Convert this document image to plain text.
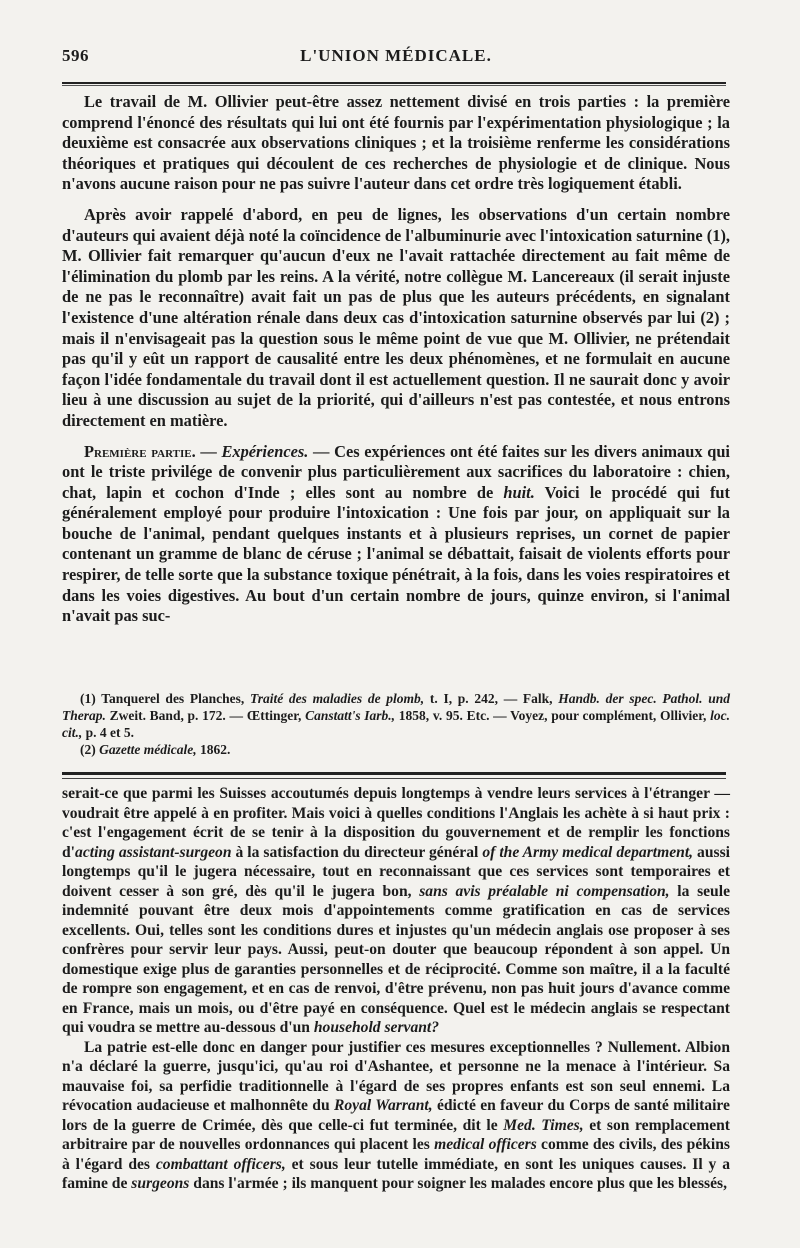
596	L'UNION MÉDICALE.

Le travail de M. Ollivier peut-être assez nettement divisé en trois parties : la première comprend l'énoncé des résultats qui lui ont été fournis par l'expérimentation physiologique ; la deuxième est consacrée aux observations cliniques ; et la troisième renferme les considérations théoriques et pratiques qui découlent de ces recherches de physiologie et de clinique. Nous n'avons aucune raison pour ne pas suivre l'auteur dans cet ordre très logiquement établi.

Après avoir rappelé d'abord, en peu de lignes, les observations d'un certain nombre d'auteurs qui avaient déjà noté la coïncidence de l'albuminurie avec l'intoxication saturnine (1), M. Ollivier fait remarquer qu'aucun d'eux ne l'avait rattachée directement au fait même de l'élimination du plomb par les reins. A la vérité, notre collègue M. Lancereaux (il serait injuste de ne pas le reconnaître) avait fait un pas de plus que les auteurs précédents, en signalant l'existence d'une altération rénale dans deux cas d'intoxication saturnine observés par lui (2) ; mais il n'envisageait pas la question sous le même point de vue que M. Ollivier, ne prétendait pas qu'il y eût un rapport de causalité entre les deux phénomènes, et ne formulait en aucune façon l'idée fondamentale du travail dont il est actuellement question. Il ne saurait donc y avoir lieu à une discussion au sujet de la priorité, qui d'ailleurs n'est pas contestée, et nous entrons directement en matière.

Première partie. — Expériences. — Ces expériences ont été faites sur les divers animaux qui ont le triste privilége de convenir plus particulièrement aux sacrifices du laboratoire : chien, chat, lapin et cochon d'Inde ; elles sont au nombre de huit. Voici le procédé qui fut généralement employé pour produire l'intoxication : Une fois par jour, on appliquait sur la bouche de l'animal, pendant quelques instants et à plusieurs reprises, un cornet de papier contenant un gramme de blanc de céruse ; l'animal se débattait, faisait de violents efforts pour respirer, de telle sorte que la substance toxique pénétrait, à la fois, dans les voies respiratoires et dans les voies digestives. Au bout d'un certain nombre de jours, quinze environ, si l'animal n'avait pas suc-

(1) Tanquerel des Planches, Traité des maladies de plomb, t. I, p. 242, — Falk, Handb. der spec. Pathol. und Therap. Zweit. Band, p. 172. — Œttinger, Canstatt's Iarb., 1858, v. 95. Etc. — Voyez, pour complément, Ollivier, loc. cit., p. 4 et 5.

(2) Gazette médicale, 1862.

serait-ce que parmi les Suisses accoutumés depuis longtemps à vendre leurs services à l'étranger — voudrait être appelé à en profiter. Mais voici à quelles conditions l'Anglais les achète à si haut prix : c'est l'engagement écrit de se tenir à la disposition du gouvernement et de remplir les fonctions d'acting assistant-surgeon à la satisfaction du directeur général of the Army medical department, aussi longtemps qu'il le jugera nécessaire, tout en reconnaissant que ces services sont temporaires et doivent cesser à son gré, dès qu'il le jugera bon, sans avis préalable ni compensation, la seule indemnité pouvant être deux mois d'appointements comme gratification en cas de services excellents. Oui, telles sont les conditions dures et injustes qu'un médecin anglais ose proposer à ses confrères pour servir leur pays. Aussi, peut-on douter que beaucoup répondent à son appel. Un domestique exige plus de garanties personnelles et de réciprocité. Comme son maître, il a la faculté de rompre son engagement, et en cas de renvoi, d'être prévenu, non pas huit jours d'avance comme en France, mais un mois, ou d'être payé en conséquence. Quel est le médecin anglais se respectant qui voudra se mettre au-dessous d'un household servant?

La patrie est-elle donc en danger pour justifier ces mesures exceptionnelles ? Nullement. Albion n'a déclaré la guerre, jusqu'ici, qu'au roi d'Ashantee, et personne ne la menace à l'intérieur. Sa mauvaise foi, sa perfidie traditionnelle à l'égard de ses propres enfants est son seul ennemi. La révocation audacieuse et malhonnête du Royal Warrant, édicté en faveur du Corps de santé militaire lors de la guerre de Crimée, dès que celle-ci fut terminée, dit le Med. Times, et son remplacement arbitraire par de nouvelles ordonnances qui placent les medical officers comme des civils, des pékins à l'égard des combattant officers, et sous leur tutelle immédiate, en sont les uniques causes. Il y a famine de surgeons dans l'armée ; ils manquent pour soigner les malades encore plus que les blessés,
